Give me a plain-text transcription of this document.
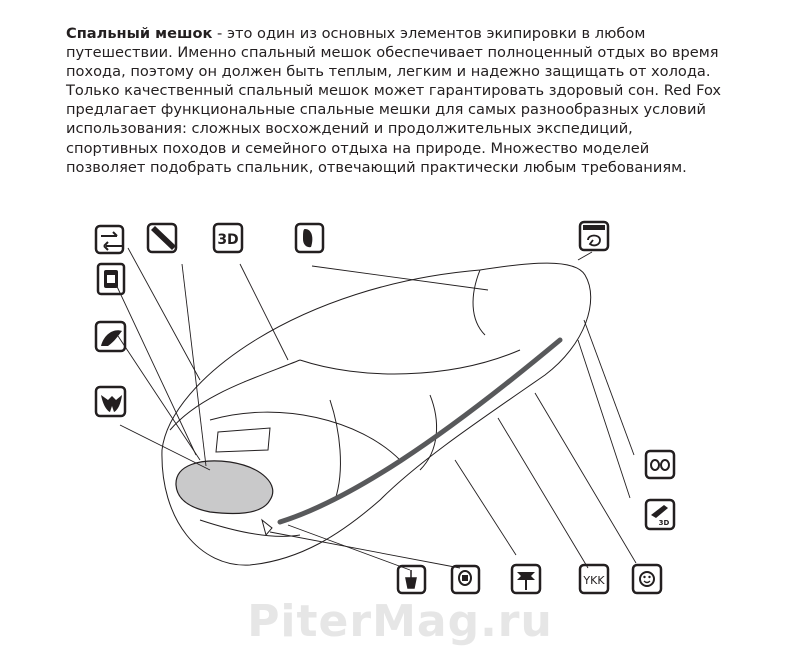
Спальный мешок - это один из основных элементов экипировки в любом путешествии. Именно спальный мешок обеспечивает полноценный отдых во время похода, поэтому он должен быть теплым, легким и надежно защищать от холода. Только качественный спальный мешок может гарантировать здоровый сон. Red Fox предлагает функциональные спальные мешки для самых разнообразных условий использования: сложных восхождений и продолжительных экспедиций, спортивных походов и семейного отдыха на природе. Множество моделей позволяет подобрать спальник, отвечающий практически любым требованиям.

3D
3D
YKK
PiterMag.ru
